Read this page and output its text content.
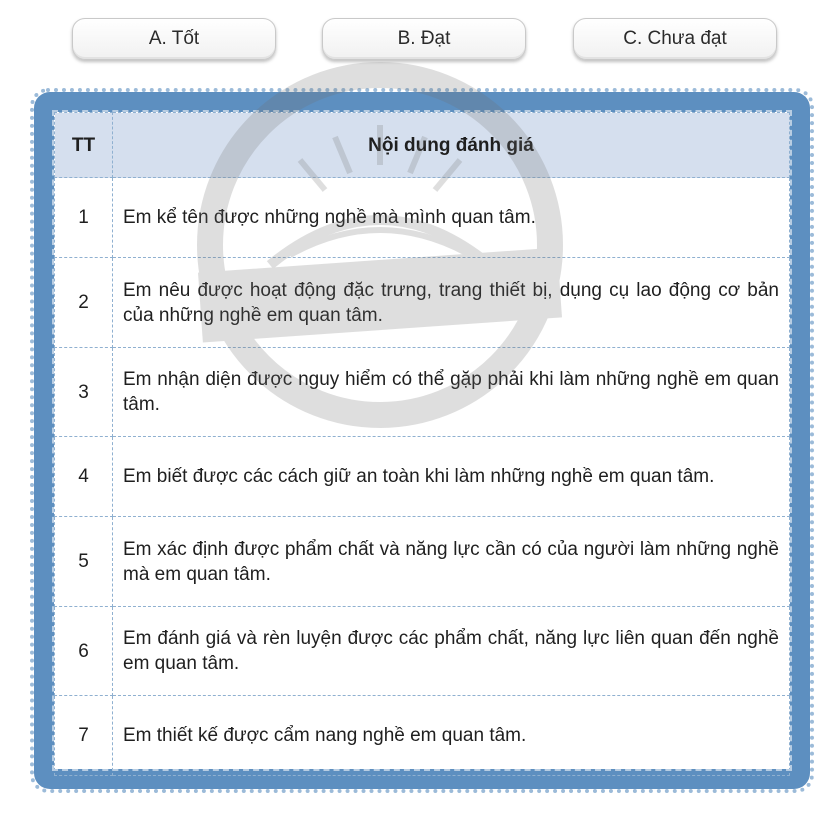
A. Tốt	B. Đạt	C. Chưa đạt
TT	Nội dung đánh giá
1	Em kể tên được những nghề mà mình quan tâm.
2	Em nêu được hoạt động đặc trưng, trang thiết bị, dụng cụ lao động cơ bản của những nghề em quan tâm.
3	Em nhận diện được nguy hiểm có thể gặp phải khi làm những nghề em quan tâm.
4	Em biết được các cách giữ an toàn khi làm những nghề em quan tâm.
5	Em xác định được phẩm chất và năng lực cần có của người làm những nghề mà em quan tâm.
6	Em đánh giá và rèn luyện được các phẩm chất, năng lực liên quan đến nghề em quan tâm.
7	Em thiết kế được cẩm nang nghề em quan tâm.
